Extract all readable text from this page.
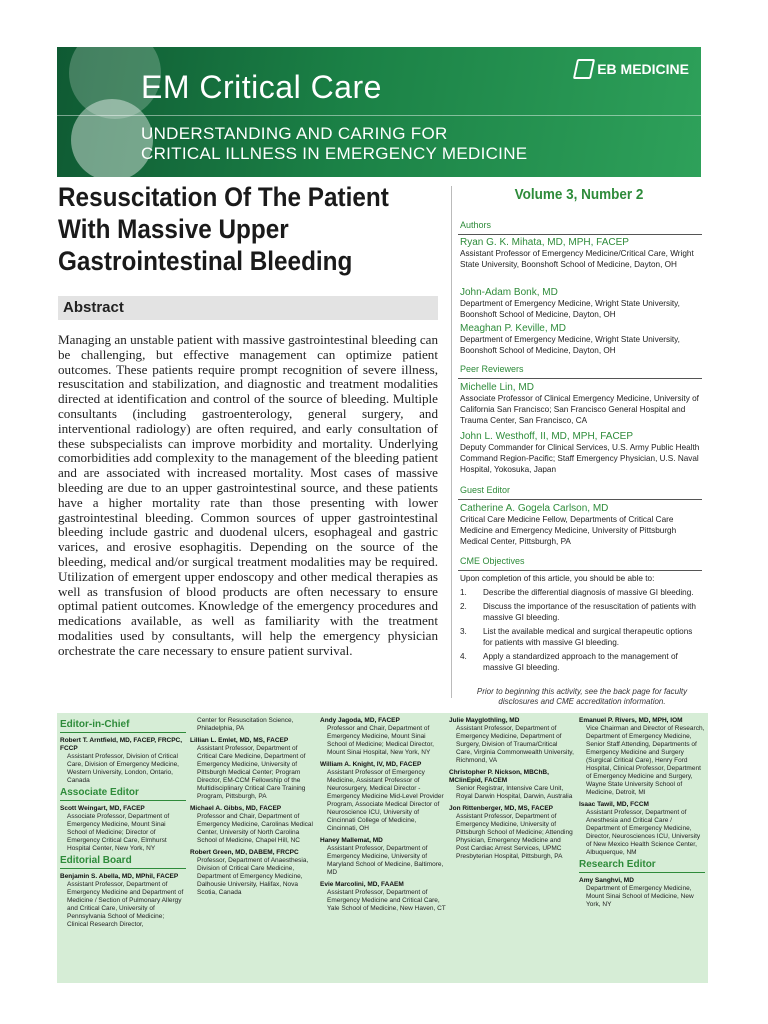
EM Critical Care
UNDERSTANDING AND CARING FOR
CRITICAL ILLNESS IN EMERGENCY MEDICINE
EB MEDICINE
Resuscitation Of The Patient With Massive Upper Gastrointestinal Bleeding
Abstract

Managing an unstable patient with massive gastrointestinal bleeding can be challenging, but effective management can optimize patient outcomes. These patients require prompt recognition of severe illness, resuscitation and stabilization, and diagnostic and treatment modalities directed at identification and control of the source of bleeding. Multiple consultants (including gastroenterology, general surgery, and interventional radiology) are often required, and early consultation of these subspecialists can improve morbidity and mortality. Underlying comorbidities add complexity to the management of the bleeding patient and are associated with increased mortality. Most cases of massive bleeding are due to an upper gastrointestinal source, and these patients have a higher mortality rate than those presenting with lower gastrointestinal bleeding. Common sources of upper gastrointestinal bleeding include gastric and duodenal ulcers, esophageal and gastric varices, and erosive esophagitis. Depending on the source of the bleeding, medical and/or surgical treatment modalities may be required. Utilization of emergent upper endoscopy and other medical therapies as well as transfusion of blood products are often necessary to ensure optimal patient outcomes. Knowledge of the emergency procedures and medications available, as well as familiarity with the treatment modalities used by consultants, will help the emergency physician orchestrate the care necessary to ensure patient survival.

Volume 3, Number 2
Authors
Ryan G. K. Mihata, MD, MPH, FACEP
Assistant Professor of Emergency Medicine/Critical Care, Wright State University, Boonshoft School of Medicine, Dayton, OH
John-Adam Bonk, MD
Department of Emergency Medicine, Wright State University, Boonshoft School of Medicine, Dayton, OH
Meaghan P. Keville, MD
Department of Emergency Medicine, Wright State University, Boonshoft School of Medicine, Dayton, OH
Peer Reviewers
Michelle Lin, MD
Associate Professor of Clinical Emergency Medicine, University of California San Francisco; San Francisco General Hospital and Trauma Center, San Francisco, CA
John L. Westhoff, II, MD, MPH, FACEP
Deputy Commander for Clinical Services, U.S. Army Public Health Command Region-Pacific; Staff Emergency Physician, U.S. Naval Hospital, Yokosuka, Japan
Guest Editor
Catherine A. Gogela Carlson, MD
Critical Care Medicine Fellow, Departments of Critical Care Medicine and Emergency Medicine, University of Pittsburgh Medical Center, Pittsburgh, PA
CME Objectives
Upon completion of this article, you should be able to:
1. Describe the differential diagnosis of massive GI bleeding.
2. Discuss the importance of the resuscitation of patients with massive GI bleeding.
3. List the available medical and surgical therapeutic options for patients with massive GI bleeding.
4. Apply a standardized approach to the management of massive GI bleeding.
Prior to beginning this activity, see the back page for faculty disclosures and CME accreditation information.
Editor-in-Chief
Robert T. Arntfield, MD, FACEP, FRCPC, FCCP
Assistant Professor, Division of Critical Care, Division of Emergency Medicine, Western University, London, Ontario, Canada
Associate Editor
Scott Weingart, MD, FACEP
Associate Professor, Department of Emergency Medicine, Mount Sinai School of Medicine; Director of Emergency Critical Care, Elmhurst Hospital Center, New York, NY
Editorial Board
Benjamin S. Abella, MD, MPhil, FACEP
Assistant Professor, Department of Emergency Medicine and Department of Medicine / Section of Pulmonary Allergy and Critical Care, University of Pennsylvania School of Medicine; Clinical Research Director,
Center for Resuscitation Science, Philadelphia, PA
Lillian L. Emlet, MD, MS, FACEP
Assistant Professor, Department of Critical Care Medicine, Department of Emergency Medicine, University of Pittsburgh Medical Center; Program Director, EM-CCM Fellowship of the Multidisciplinary Critical Care Training Program, Pittsburgh, PA
Michael A. Gibbs, MD, FACEP
Professor and Chair, Department of Emergency Medicine, Carolinas Medical Center, University of North Carolina School of Medicine, Chapel Hill, NC
Robert Green, MD, DABEM, FRCPC
Professor, Department of Anaesthesia, Division of Critical Care Medicine, Department of Emergency Medicine, Dalhousie University, Halifax, Nova Scotia, Canada
Andy Jagoda, MD, FACEP
Professor and Chair, Department of Emergency Medicine, Mount Sinai School of Medicine; Medical Director, Mount Sinai Hospital, New York, NY
William A. Knight, IV, MD, FACEP
Assistant Professor of Emergency Medicine, Assistant Professor of Neurosurgery, Medical Director - Emergency Medicine Mid-Level Provider Program, Associate Medical Director of Neuroscience ICU, University of Cincinnati College of Medicine, Cincinnati, OH
Haney Mallemat, MD
Assistant Professor, Department of Emergency Medicine, University of Maryland School of Medicine, Baltimore, MD
Evie Marcolini, MD, FAAEM
Assistant Professor, Department of Emergency Medicine and Critical Care, Yale School of Medicine, New Haven, CT
Julie Mayglothling, MD
Assistant Professor, Department of Emergency Medicine, Department of Surgery, Division of Trauma/Critical Care, Virginia Commonwealth University, Richmond, VA
Christopher P. Nickson, MBChB, MClinEpid, FACEM
Senior Registrar, Intensive Care Unit, Royal Darwin Hospital, Darwin, Australia
Jon Rittenberger, MD, MS, FACEP
Assistant Professor, Department of Emergency Medicine, University of Pittsburgh School of Medicine; Attending Physician, Emergency Medicine and Post Cardiac Arrest Services, UPMC Presbyterian Hospital, Pittsburgh, PA
Emanuel P. Rivers, MD, MPH, IOM
Vice Chairman and Director of Research, Department of Emergency Medicine, Senior Staff Attending, Departments of Emergency Medicine and Surgery (Surgical Critical Care), Henry Ford Hospital, Clinical Professor, Department of Emergency Medicine and Surgery, Wayne State University School of Medicine, Detroit, MI
Isaac Tawil, MD, FCCM
Assistant Professor, Department of Anesthesia and Critical Care / Department of Emergency Medicine, Director, Neurosciences ICU, University of New Mexico Health Science Center, Albuquerque, NM
Research Editor
Amy Sanghvi, MD
Department of Emergency Medicine, Mount Sinai School of Medicine, New York, NY
